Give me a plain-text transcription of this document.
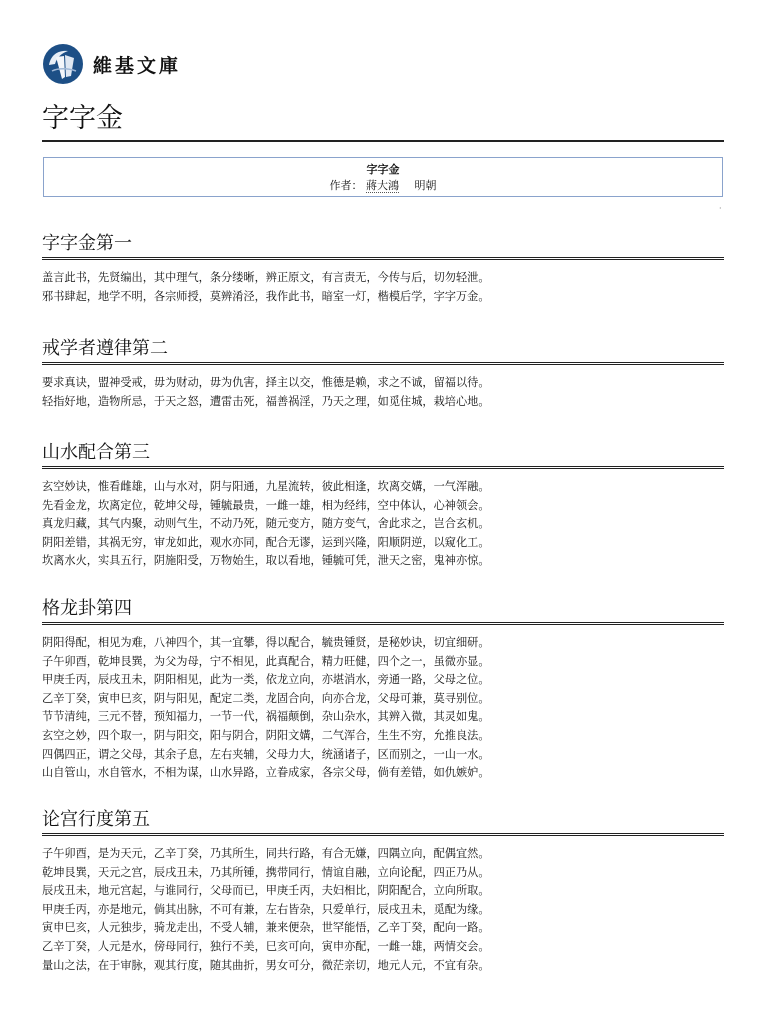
維基文庫
字字金
字字金
作者： 蔣大鴻 明朝
·
字字金第一
盖言此书，先贤编出，其中理气，条分缕晰，辨正原文，有言责无，今传与后，切勿轻泄。
邪书肆起，地学不明，各宗师授，莫辨淆泾，我作此书，暗室一灯，楷模后学，字字万金。
戒学者遵律第二
要求真诀，盟神受戒，毋为财动，毋为仇害，择主以交，惟德是赖，求之不诚，留福以待。
轻指好地，造物所忌，于天之怒，遭雷击死，福善祸淫，乃天之理，如觅住城，栽培心地。
山水配合第三
玄空妙诀，惟看雌雄，山与水对，阴与阳通，九星流转，彼此相逢，坎离交媾，一气浑融。
先看金龙，坎离定位，乾坤父母，锺毓最贵，一雌一雄，相为经纬，空中体认，心神领会。
真龙归藏，其气内聚，动则气生，不动乃死，随元变方，随方变气，舍此求之，岂合玄机。
阴阳差错，其祸无穷，审龙如此，观水亦同，配合无谬，运到兴隆，阳顺阴逆，以窥化工。
坎离水火，实具五行，阴施阳受，万物始生，取以看地，锺毓可凭，泄天之密，鬼神亦惊。
格龙卦第四
阴阳得配，相见为难，八神四个，其一宜攀，得以配合，毓贵锺贤，是秘妙诀，切宜细研。
子午卯酉，乾坤艮巽，为父为母，宁不相见，此真配合，精力旺健，四个之一，虽微亦显。
甲庚壬丙，辰戌丑未，阴阳相见，此为一类，依龙立向，亦堪消水，旁通一路，父母之位。
乙辛丁癸，寅申巳亥，阴与阳见，配定二类，龙固合向，向亦合龙，父母可兼，莫寻别位。
节节清纯，三元不替，预知福力，一节一代，祸福颠倒，杂山杂水，其辨入微，其灵如鬼。
玄空之妙，四个取一，阴与阳交，阳与阴合，阴阳文媾，二气浑合，生生不穷，允推良法。
四偶四正，谓之父母，其余子息，左右夹辅，父母力大，统涵诸子，区而别之，一山一水。
山自管山，水自管水，不相为谋，山水异路，立眷成家，各宗父母，倘有差错，如仇嫉妒。
论宫行度第五
子午卯酉，是为天元，乙辛丁癸，乃其所生，同共行路，有合无嫌，四隅立向，配偶宜然。
乾坤艮巽，天元之宫，辰戌丑未，乃其所锺，携带同行，情谊自融，立向论配，四正乃从。
辰戌丑未，地元宫起，与谁同行，父母而已，甲庚壬丙，夫妇相比，阴阳配合，立向所取。
甲庚壬丙，亦是地元，倘其出脉，不可有兼，左右皆杂，只爱单行，辰戌丑未，觅配为缘。
寅申巳亥，人元独步，骑龙走出，不受人辅，兼来便杂，世罕能悟，乙辛丁癸，配向一路。
乙辛丁癸，人元是水，傍母同行，独行不美，巳亥可向，寅申亦配，一雌一雄，两情交会。
量山之法，在于审脉，观其行度，随其曲折，男女可分，微茫亲切，地元人元，不宜有杂。
